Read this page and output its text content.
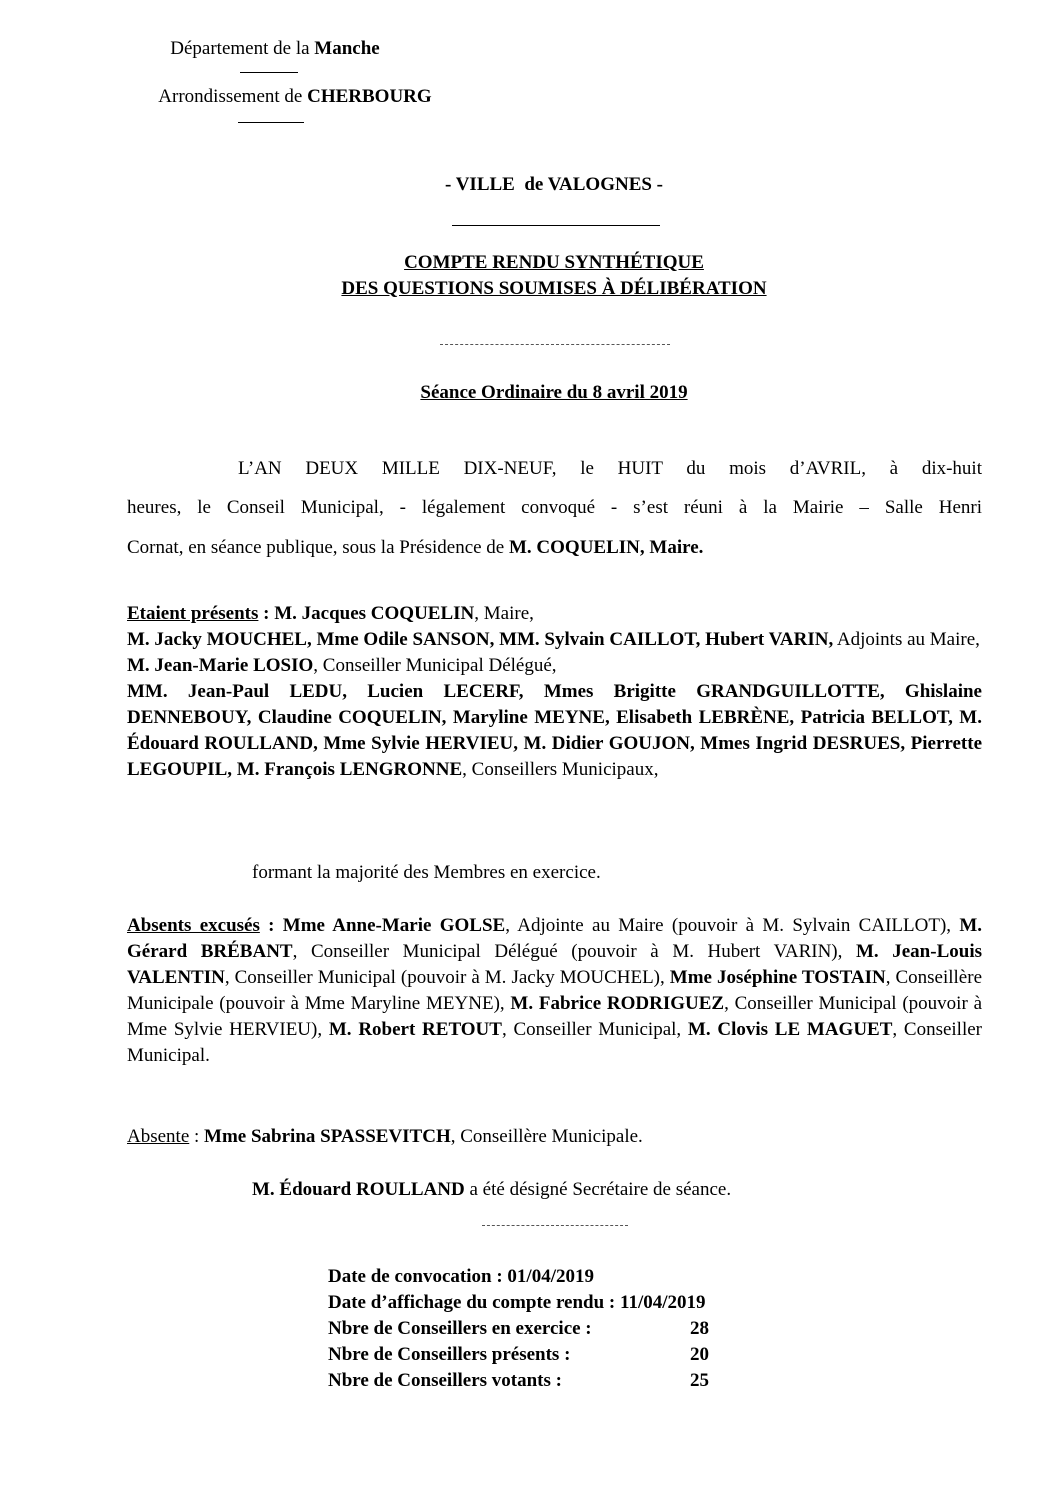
Département de la Manche
Arrondissement de CHERBOURG
- VILLE  de VALOGNES -
COMPTE RENDU SYNTHÉTIQUE
DES QUESTIONS SOUMISES À DÉLIBÉRATION
Séance Ordinaire du 8 avril 2019
L’AN DEUX MILLE DIX-NEUF, le HUIT du mois d’AVRIL, à dix-huit
heures, le Conseil Municipal, - légalement convoqué - s’est réuni à la Mairie – Salle Henri
Cornat, en séance publique, sous la Présidence de M. COQUELIN, Maire.
Etaient présents : M. Jacques COQUELIN, Maire,
M. Jacky MOUCHEL, Mme Odile SANSON, MM. Sylvain CAILLOT, Hubert VARIN, Adjoints au Maire,
M. Jean-Marie LOSIO, Conseiller Municipal Délégué,
MM. Jean-Paul LEDU, Lucien LECERF, Mmes Brigitte GRANDGUILLOTTE, Ghislaine DENNEBOUY, Claudine COQUELIN, Maryline MEYNE, Elisabeth LEBRÈNE, Patricia BELLOT, M. Édouard ROULLAND, Mme Sylvie HERVIEU, M. Didier GOUJON, Mmes Ingrid DESRUES, Pierrette LEGOUPIL, M. François LENGRONNE, Conseillers Municipaux,
formant la majorité des Membres en exercice.
Absents excusés : Mme Anne-Marie GOLSE, Adjointe au Maire (pouvoir à M. Sylvain CAILLOT), M. Gérard BRÉBANT, Conseiller Municipal Délégué (pouvoir à M. Hubert VARIN), M. Jean-Louis VALENTIN, Conseiller Municipal (pouvoir à M. Jacky MOUCHEL), Mme Joséphine TOSTAIN, Conseillère Municipale (pouvoir à Mme Maryline MEYNE), M. Fabrice RODRIGUEZ, Conseiller Municipal (pouvoir à Mme Sylvie HERVIEU), M. Robert RETOUT, Conseiller Municipal, M. Clovis LE MAGUET, Conseiller Municipal.
Absente : Mme Sabrina SPASSEVITCH, Conseillère Municipale.
M. Édouard ROULLAND a été désigné Secrétaire de séance.
Date de convocation : 01/04/2019
Date d’affichage du compte rendu : 11/04/2019
Nbre de Conseillers en exercice :	28
Nbre de Conseillers présents :	20
Nbre de Conseillers votants :	25
